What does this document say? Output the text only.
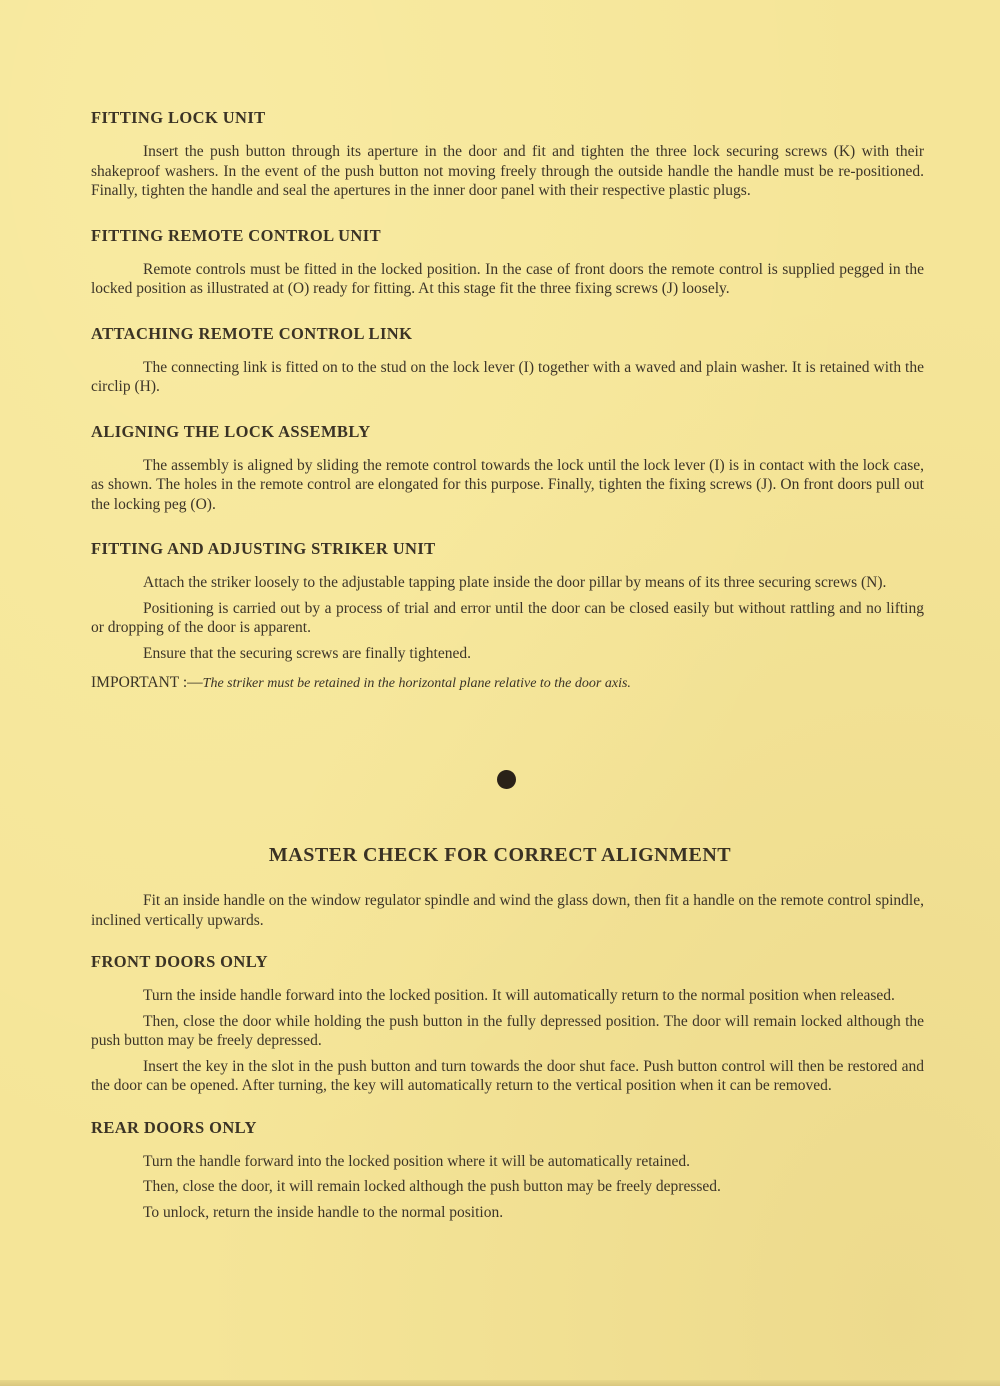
FITTING LOCK UNIT

Insert the push button through its aperture in the door and fit and tighten the three lock securing screws (K) with their shakeproof washers. In the event of the push button not moving freely through the outside handle the handle must be re-positioned. Finally, tighten the handle and seal the apertures in the inner door panel with their respective plastic plugs.

FITTING REMOTE CONTROL UNIT

Remote controls must be fitted in the locked position. In the case of front doors the remote control is supplied pegged in the locked position as illustrated at (O) ready for fitting. At this stage fit the three fixing screws (J) loosely.

ATTACHING REMOTE CONTROL LINK

The connecting link is fitted on to the stud on the lock lever (I) together with a waved and plain washer. It is retained with the circlip (H).

ALIGNING THE LOCK ASSEMBLY

The assembly is aligned by sliding the remote control towards the lock until the lock lever (I) is in contact with the lock case, as shown. The holes in the remote control are elongated for this purpose. Finally, tighten the fixing screws (J). On front doors pull out the locking peg (O).

FITTING AND ADJUSTING STRIKER UNIT

Attach the striker loosely to the adjustable tapping plate inside the door pillar by means of its three securing screws (N).

Positioning is carried out by a process of trial and error until the door can be closed easily but without rattling and no lifting or dropping of the door is apparent.

Ensure that the securing screws are finally tightened.

IMPORTANT :—The striker must be retained in the horizontal plane relative to the door axis.

MASTER CHECK FOR CORRECT ALIGNMENT

Fit an inside handle on the window regulator spindle and wind the glass down, then fit a handle on the remote control spindle, inclined vertically upwards.

FRONT DOORS ONLY

Turn the inside handle forward into the locked position. It will automatically return to the normal position when released.

Then, close the door while holding the push button in the fully depressed position. The door will remain locked although the push button may be freely depressed.

Insert the key in the slot in the push button and turn towards the door shut face. Push button control will then be restored and the door can be opened. After turning, the key will automatically return to the vertical position when it can be removed.

REAR DOORS ONLY

Turn the handle forward into the locked position where it will be automatically retained.

Then, close the door, it will remain locked although the push button may be freely depressed.

To unlock, return the inside handle to the normal position.
